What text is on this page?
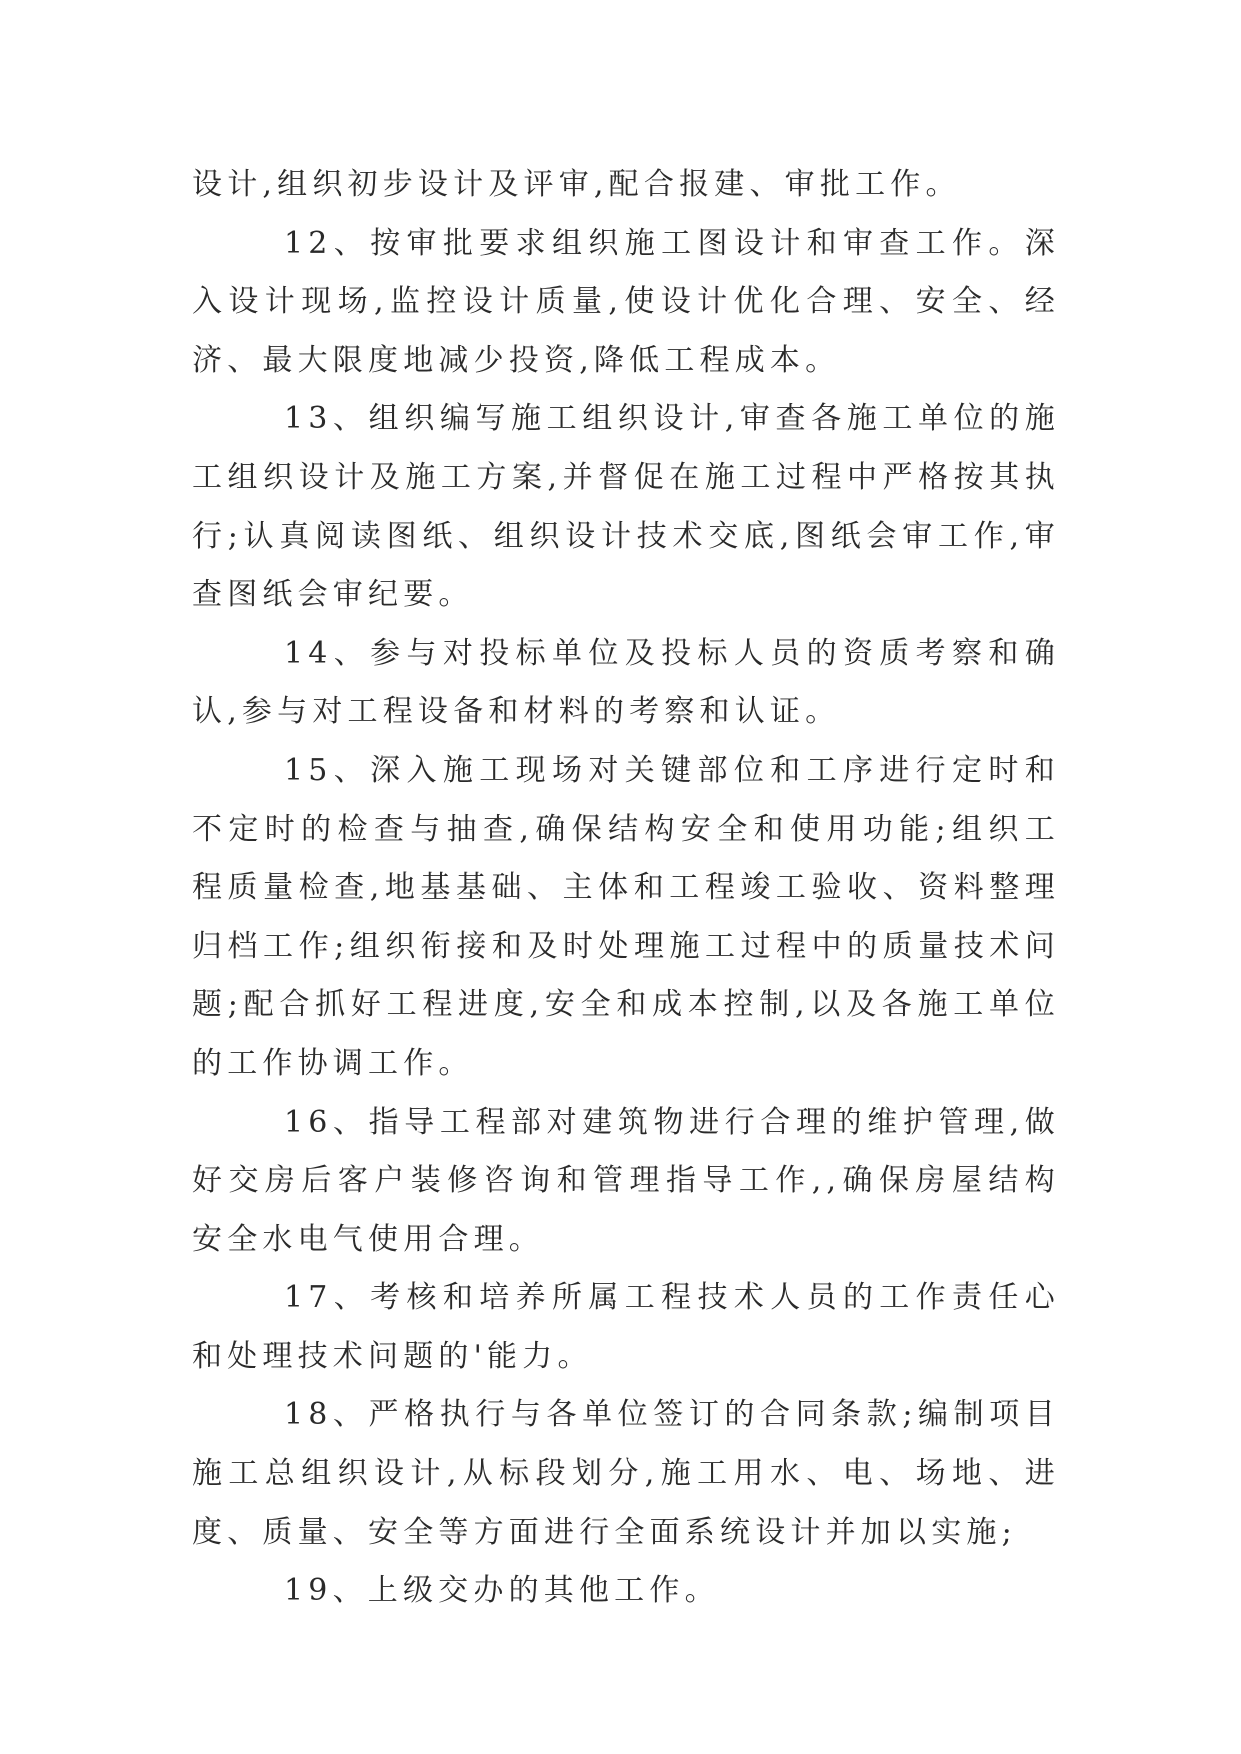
设计,组织初步设计及评审,配合报建、审批工作。

12、按审批要求组织施工图设计和审查工作。深入设计现场,监控设计质量,使设计优化合理、安全、经济、最大限度地减少投资,降低工程成本。

13、组织编写施工组织设计,审查各施工单位的施工组织设计及施工方案,并督促在施工过程中严格按其执行;认真阅读图纸、组织设计技术交底,图纸会审工作,审查图纸会审纪要。

14、参与对投标单位及投标人员的资质考察和确认,参与对工程设备和材料的考察和认证。

15、深入施工现场对关键部位和工序进行定时和不定时的检查与抽查,确保结构安全和使用功能;组织工程质量检查,地基基础、主体和工程竣工验收、资料整理归档工作;组织衔接和及时处理施工过程中的质量技术问题;配合抓好工程进度,安全和成本控制,以及各施工单位的工作协调工作。

16、指导工程部对建筑物进行合理的维护管理,做好交房后客户装修咨询和管理指导工作,,确保房屋结构安全水电气使用合理。

17、考核和培养所属工程技术人员的工作责任心和处理技术问题的'能力。

18、严格执行与各单位签订的合同条款;编制项目施工总组织设计,从标段划分,施工用水、电、场地、进度、质量、安全等方面进行全面系统设计并加以实施;

19、上级交办的其他工作。
